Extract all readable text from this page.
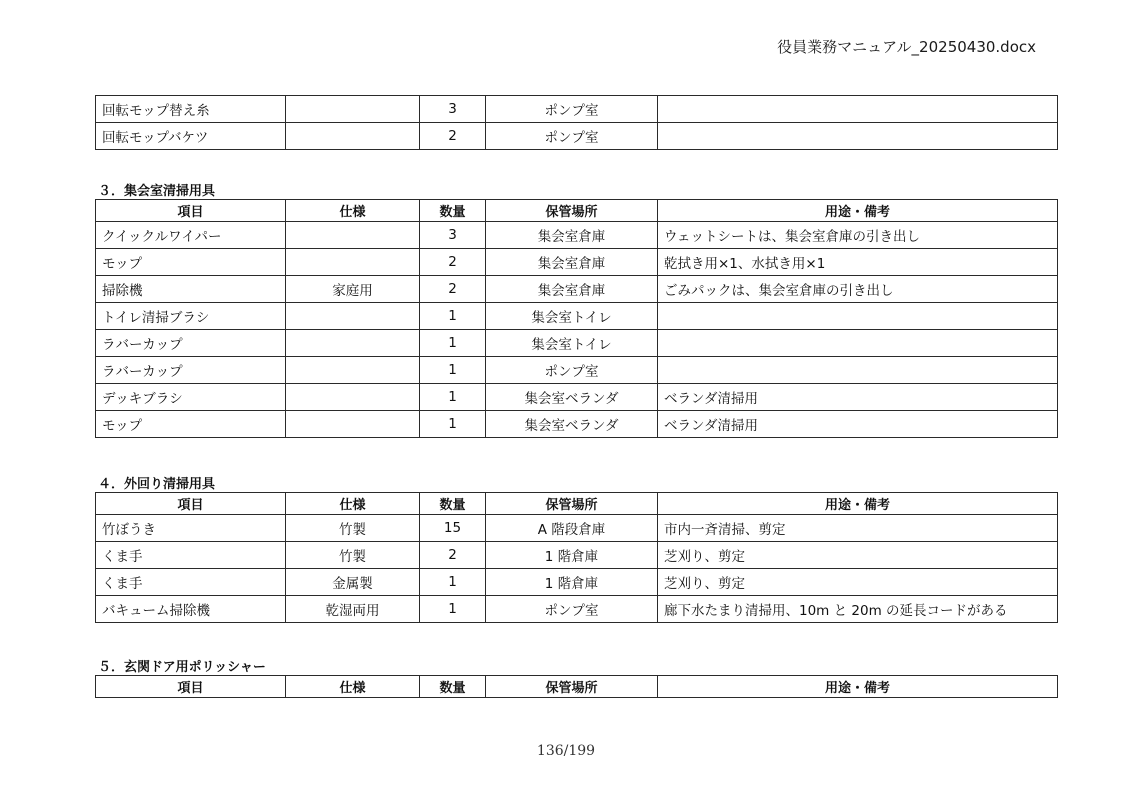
役員業務マニュアル_20250430.docx
回転モップ替え糸		3	ポンプ室	
回転モップバケツ		2	ポンプ室	
３．集会室清掃用具
項目	仕様	数量	保管場所	用途・備考
クイックルワイパー		3	集会室倉庫	ウェットシートは、集会室倉庫の引き出し
モップ		2	集会室倉庫	乾拭き用×1、水拭き用×1
掃除機	家庭用	2	集会室倉庫	ごみパックは、集会室倉庫の引き出し
トイレ清掃ブラシ		1	集会室トイレ	
ラバーカップ		1	集会室トイレ	
ラバーカップ		1	ポンプ室	
デッキブラシ		1	集会室ベランダ	ベランダ清掃用
モップ		1	集会室ベランダ	ベランダ清掃用
４．外回り清掃用具
項目	仕様	数量	保管場所	用途・備考
竹ぼうき	竹製	15	A 階段倉庫	市内一斉清掃、剪定
くま手	竹製	2	1 階倉庫	芝刈り、剪定
くま手	金属製	1	1 階倉庫	芝刈り、剪定
バキューム掃除機	乾湿両用	1	ポンプ室	廊下水たまり清掃用、10m と 20m の延長コードがある
５．玄関ドア用ポリッシャー
項目	仕様	数量	保管場所	用途・備考
136/199
